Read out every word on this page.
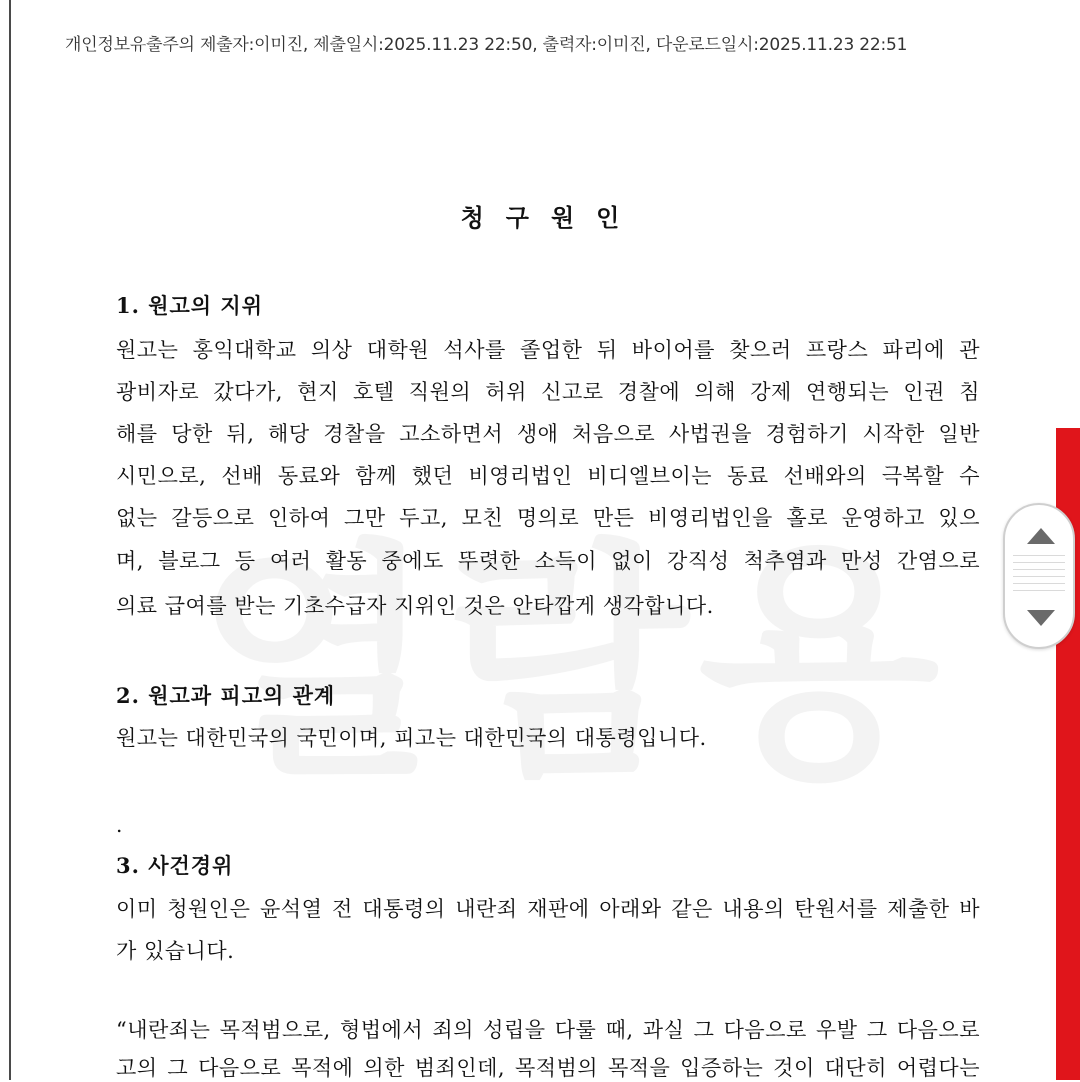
개인정보유출주의 제출자:이미진, 제출일시:2025.11.23 22:50, 출력자:이미진, 다운로드일시:2025.11.23 22:51
청구원인
1. 원고의 지위
원고는 홍익대학교 의상 대학원 석사를 졸업한 뒤 바이어를 찾으러 프랑스 파리에 관
광비자로 갔다가, 현지 호텔 직원의 허위 신고로 경찰에 의해 강제 연행되는 인권 침
해를 당한 뒤, 해당 경찰을 고소하면서 생애 처음으로 사법권을 경험하기 시작한 일반
시민으로, 선배 동료와 함께 했던 비영리법인 비디엘브이는 동료 선배와의 극복할 수
없는 갈등으로 인하여 그만 두고, 모친 명의로 만든 비영리법인을 홀로 운영하고 있으
며, 블로그 등 여러 활동 중에도 뚜렷한 소득이 없이 강직성 척추염과 만성 간염으로
의료 급여를 받는 기초수급자 지위인 것은 안타깝게 생각합니다.
2. 원고과 피고의 관계
원고는 대한민국의 국민이며, 피고는 대한민국의 대통령입니다.
.
3. 사건경위
이미 청원인은 윤석열 전 대통령의 내란죄 재판에 아래와 같은 내용의 탄원서를 제출한 바
가 있습니다.
“내란죄는 목적범으로, 형법에서 죄의 성립을 다룰 때, 과실 그 다음으로 우발 그 다음으로
고의 그 다음으로 목적에 의한 범죄인데, 목적범의 목적을 입증하는 것이 대단히 어렵다는
